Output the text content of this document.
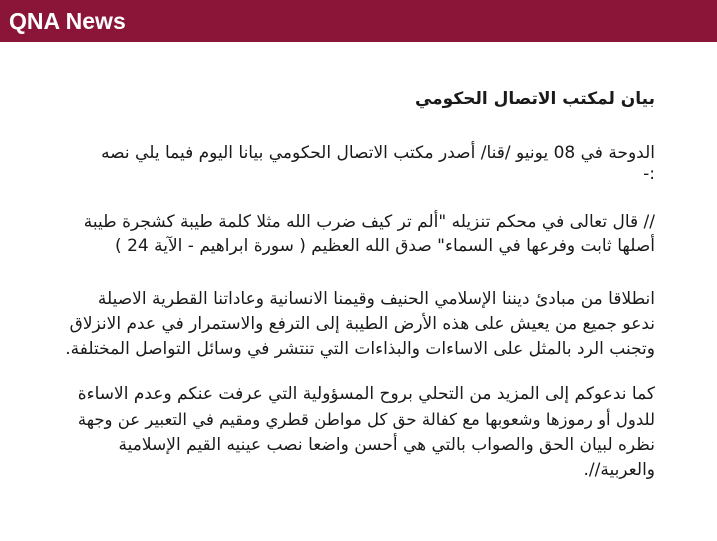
QNA News
بيان لمكتب الاتصال الحكومي
الدوحة في 08 يونيو /قنا/ أصدر مكتب الاتصال الحكومي بيانا اليوم فيما يلي نصه
:-
// قال تعالى في محكم تنزيله "ألم تر كيف ضرب الله مثلا كلمة طيبة كشجرة طيبة
أصلها ثابت وفرعها في السماء" صدق الله العظيم ( سورة ابراهيم - الآية 24 )
انطلاقا من مبادئ ديننا الإسلامي الحنيف وقيمنا الانسانية وعاداتنا القطرية الاصيلة
ندعو جميع من يعيش على هذه الأرض الطيبة إلى الترفع والاستمرار في عدم الانزلاق
وتجنب الرد بالمثل على الاساءات والبذاءات التي تنتشر في وسائل التواصل المختلفة.
كما ندعوكم إلى المزيد من التحلي بروح المسؤولية التي عرفت عنكم وعدم الاساءة
للدول أو رموزها وشعوبها مع كفالة حق كل مواطن قطري ومقيم في التعبير عن وجهة
نظره لبيان الحق والصواب بالتي هي أحسن واضعا نصب عينيه القيم الإسلامية
والعربية//.
